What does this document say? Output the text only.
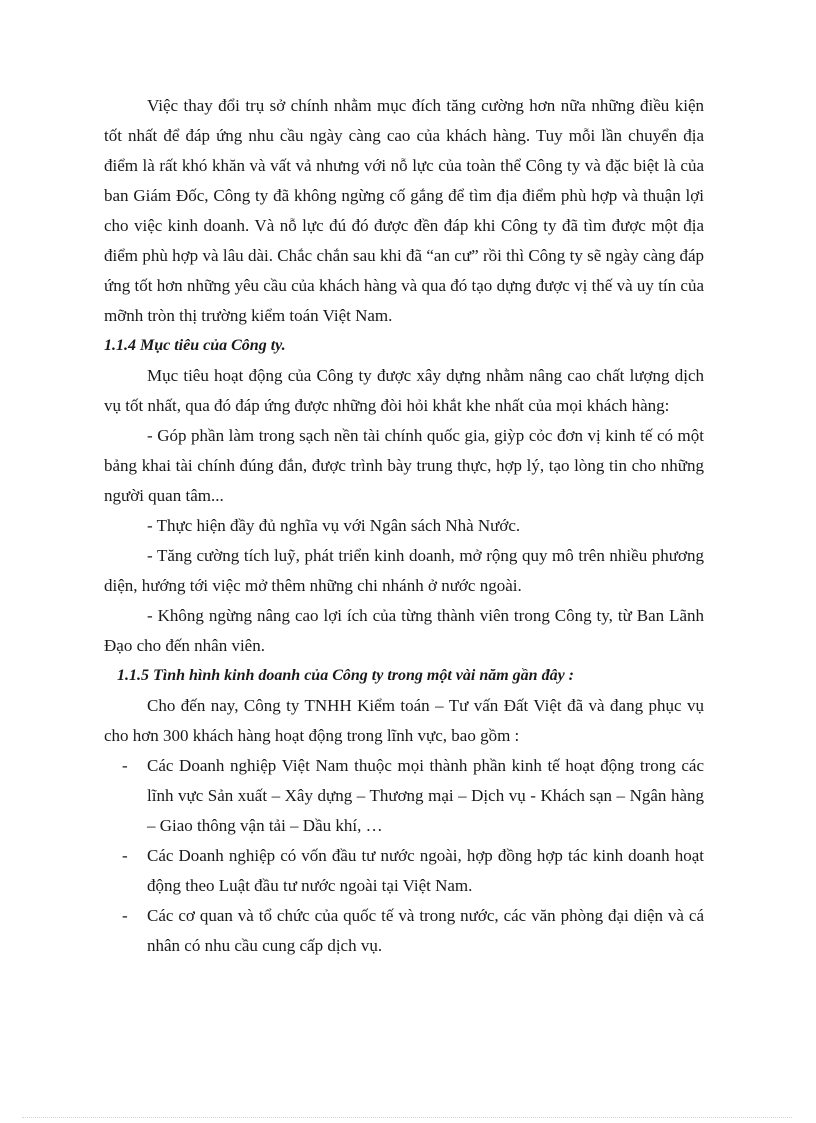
Việc thay đổi trụ sở chính nhằm mục đích tăng cường hơn nữa những điều kiện tốt nhất để đáp ứng nhu cầu ngày càng cao của khách hàng. Tuy mỗi lần chuyển địa điểm là rất khó khăn và vất vả nhưng với nỗ lực của toàn thể Công ty và đặc biệt là của ban Giám Đốc, Công ty đã không ngừng cố gắng để tìm địa điểm phù hợp và thuận lợi cho việc kinh doanh. Và nỗ lực đú đó được đền đáp khi Công ty đã tìm được một địa điểm phù hợp và lâu dài. Chắc chắn sau khi đã “an cư” rồi thì Công ty sẽ ngày càng đáp ứng tốt hơn những yêu cầu của khách hàng và qua đó tạo dựng được vị thế và uy tín của mỡnh tròn thị trường kiểm toán Việt Nam.

1.1.4 Mục tiêu của Công ty.

Mục tiêu hoạt động của Công ty được xây dựng nhằm nâng cao chất lượng dịch vụ tốt nhất, qua đó đáp ứng được những đòi hỏi khắt khe nhất của mọi khách hàng:

- Góp phần làm trong sạch nền tài chính quốc gia, giỳp cỏc đơn vị kinh tế có một bảng khai tài chính đúng đắn, được trình bày trung thực, hợp lý, tạo lòng tin cho những người quan tâm...

- Thực hiện đầy đủ nghĩa vụ với Ngân sách Nhà Nước.

- Tăng cường tích luỹ, phát triển kinh doanh, mở rộng quy mô trên nhiều phương diện, hướng tới việc mở thêm những chi nhánh ở nước ngoài.

- Không ngừng nâng cao lợi ích của từng thành viên trong Công ty, từ Ban Lãnh Đạo cho đến nhân viên.

1.1.5 Tình hình kinh doanh của Công ty trong một vài năm gần đây :

Cho đến nay, Công ty TNHH Kiểm toán – Tư vấn Đất Việt đã và đang phục vụ cho hơn 300 khách hàng hoạt động trong lĩnh vực, bao gồm :

- Các Doanh nghiệp Việt Nam thuộc mọi thành phần kinh tế hoạt động trong các lĩnh vực Sản xuất – Xây dựng – Thương mại – Dịch vụ - Khách sạn – Ngân hàng – Giao thông vận tải – Dầu khí, …
- Các Doanh nghiệp có vốn đầu tư nước ngoài, hợp đồng hợp tác kinh doanh hoạt động theo Luật đầu tư nước ngoài tại Việt Nam.
- Các cơ quan và tổ chức của quốc tế và trong nước, các văn phòng đại diện và cá nhân có nhu cầu cung cấp dịch vụ.
